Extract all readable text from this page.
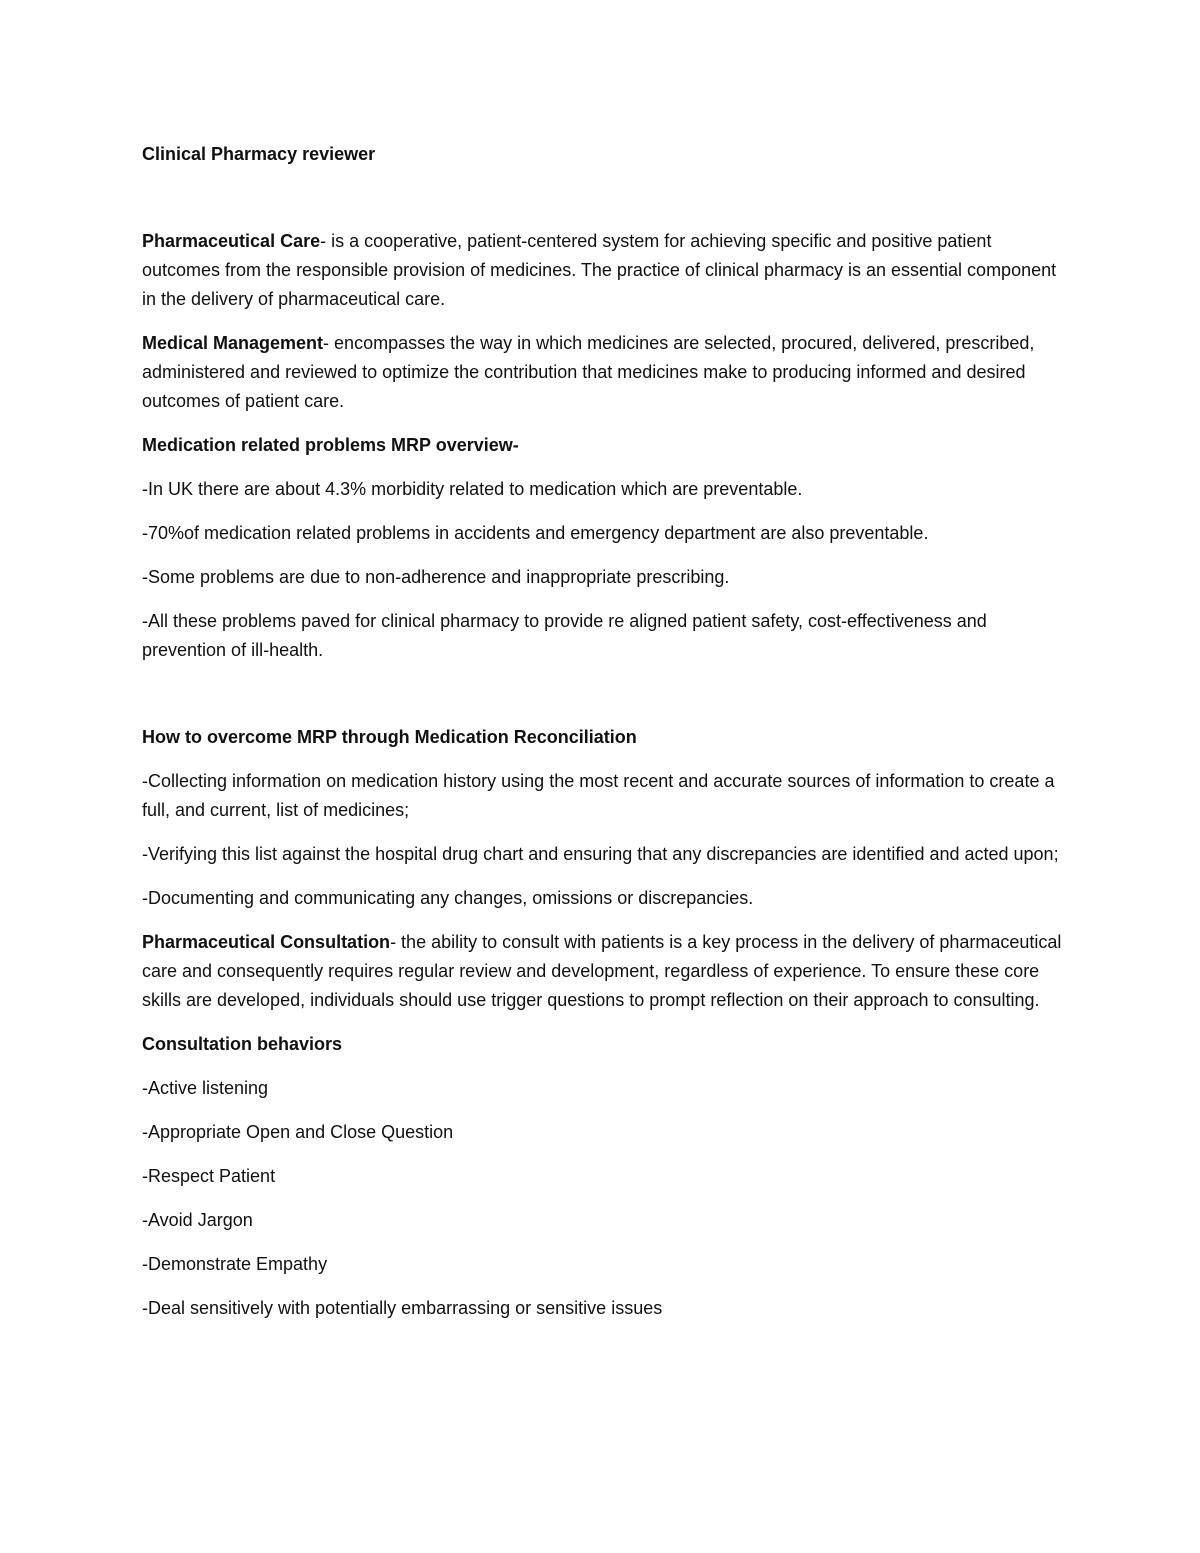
Clinical Pharmacy reviewer

Pharmaceutical Care- is a cooperative, patient-centered system for achieving specific and positive patient outcomes from the responsible provision of medicines. The practice of clinical pharmacy is an essential component in the delivery of pharmaceutical care.

Medical Management- encompasses the way in which medicines are selected, procured, delivered, prescribed, administered and reviewed to optimize the contribution that medicines make to producing informed and desired outcomes of patient care.

Medication related problems MRP overview-

-In UK there are about 4.3% morbidity related to medication which are preventable.

-70%of medication related problems in accidents and emergency department are also preventable.

-Some problems are due to non-adherence and inappropriate prescribing.

-All these problems paved for clinical pharmacy to provide re aligned patient safety, cost-effectiveness and prevention of ill-health.

How to overcome MRP through Medication Reconciliation

-Collecting information on medication history using the most recent and accurate sources of information to create a full, and current, list of medicines;

-Verifying this list against the hospital drug chart and ensuring that any discrepancies are identified and acted upon;

-Documenting and communicating any changes, omissions or discrepancies.

Pharmaceutical Consultation- the ability to consult with patients is a key process in the delivery of pharmaceutical care and consequently requires regular review and development, regardless of experience. To ensure these core skills are developed, individuals should use trigger questions to prompt reflection on their approach to consulting.

Consultation behaviors

-Active listening

-Appropriate Open and Close Question

-Respect Patient

-Avoid Jargon

-Demonstrate Empathy

-Deal sensitively with potentially embarrassing or sensitive issues
